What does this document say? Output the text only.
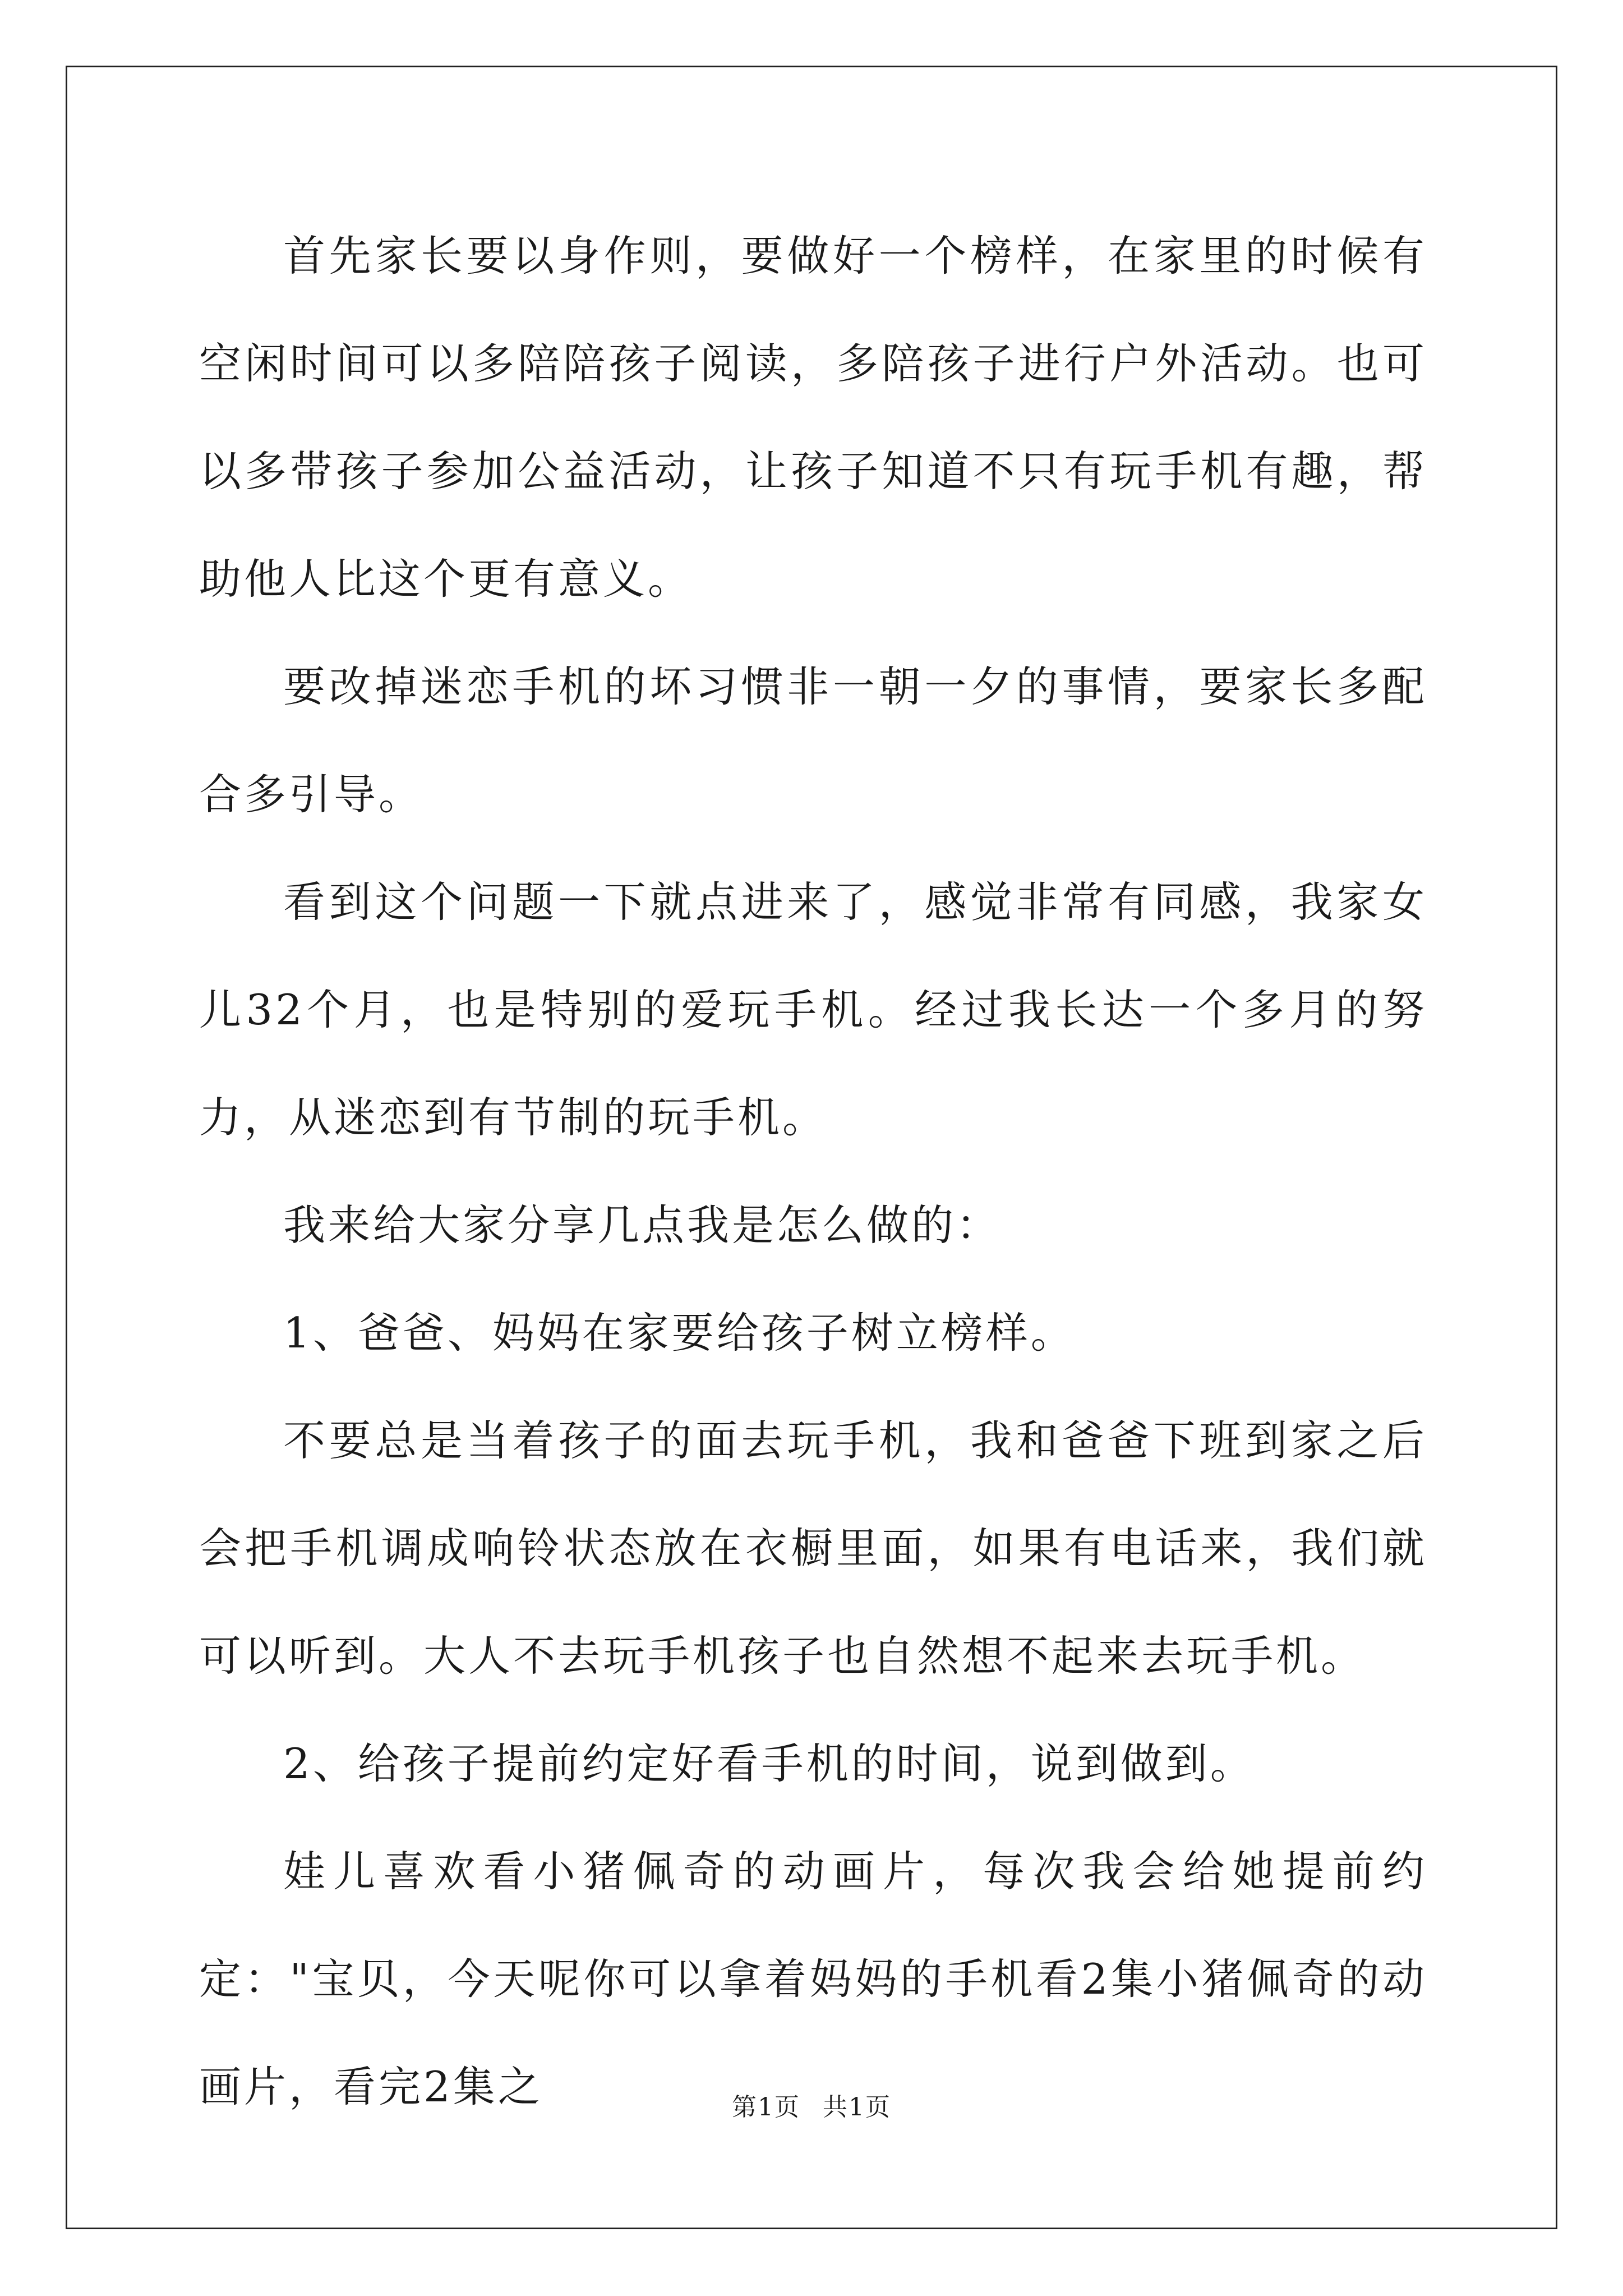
首先家长要以身作则，要做好一个榜样，在家里的时候有空闲时间可以多陪陪孩子阅读，多陪孩子进行户外活动。也可以多带孩子参加公益活动，让孩子知道不只有玩手机有趣，帮助他人比这个更有意义。

要改掉迷恋手机的坏习惯非一朝一夕的事情，要家长多配合多引导。

看到这个问题一下就点进来了，感觉非常有同感，我家女儿32个月，也是特别的爱玩手机。经过我长达一个多月的努力，从迷恋到有节制的玩手机。

我来给大家分享几点我是怎么做的：

1、爸爸、妈妈在家要给孩子树立榜样。

不要总是当着孩子的面去玩手机，我和爸爸下班到家之后会把手机调成响铃状态放在衣橱里面，如果有电话来，我们就可以听到。大人不去玩手机孩子也自然想不起来去玩手机。

2、给孩子提前约定好看手机的时间，说到做到。

娃儿喜欢看小猪佩奇的动画片，每次我会给她提前约定："宝贝，今天呢你可以拿着妈妈的手机看2集小猪佩奇的动画片，看完2集之	第1页 共1页
